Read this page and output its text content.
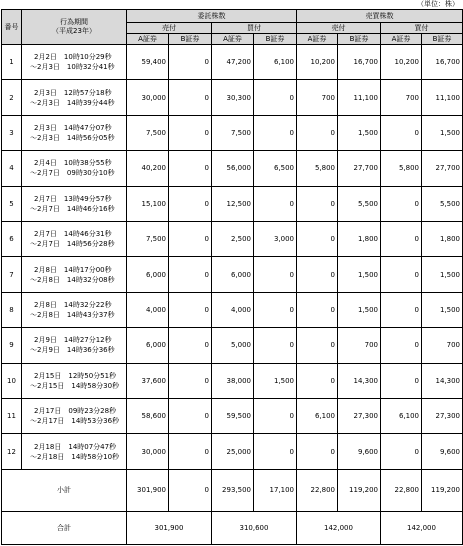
（単位：株）
番号	行為期間
（平成23年）	委託株数				売買株数			
		売付		買付		売付		買付	
		A証券	B証券	A証券	B証券	A証券	B証券	A証券	B証券
1	2月2日　10時10分29秒
～2月3日　10時32分41秒	59,400	0	47,200	6,100	10,200	16,700	10,200	16,700
2	2月3日　12時57分18秒
～2月3日　14時39分44秒	30,000	0	30,300	0	700	11,100	700	11,100
3	2月3日　14時47分07秒
～2月3日　14時56分05秒	7,500	0	7,500	0	0	1,500	0	1,500
4	2月4日　10時38分55秒
～2月7日　09時30分10秒	40,200	0	56,000	6,500	5,800	27,700	5,800	27,700
5	2月7日　13時49分57秒
～2月7日　14時46分16秒	15,100	0	12,500	0	0	5,500	0	5,500
6	2月7日　14時46分31秒
～2月7日　14時56分28秒	7,500	0	2,500	3,000	0	1,800	0	1,800
7	2月8日　14時17分00秒
～2月8日　14時32分08秒	6,000	0	6,000	0	0	1,500	0	1,500
8	2月8日　14時32分22秒
～2月8日　14時43分37秒	4,000	0	4,000	0	0	1,500	0	1,500
9	2月9日　14時27分12秒
～2月9日　14時36分36秒	6,000	0	5,000	0	0	700	0	700
10	2月15日　12時50分51秒
～2月15日　14時58分30秒	37,600	0	38,000	1,500	0	14,300	0	14,300
11	2月17日　09時23分28秒
～2月17日　14時53分36秒	58,600	0	59,500	0	6,100	27,300	6,100	27,300
12	2月18日　14時07分47秒
～2月18日　14時58分10秒	30,000	0	25,000	0	0	9,600	0	9,600
小計		301,900	0	293,500	17,100	22,800	119,200	22,800	119,200
合計		301,900		310,600		142,000		142,000	
